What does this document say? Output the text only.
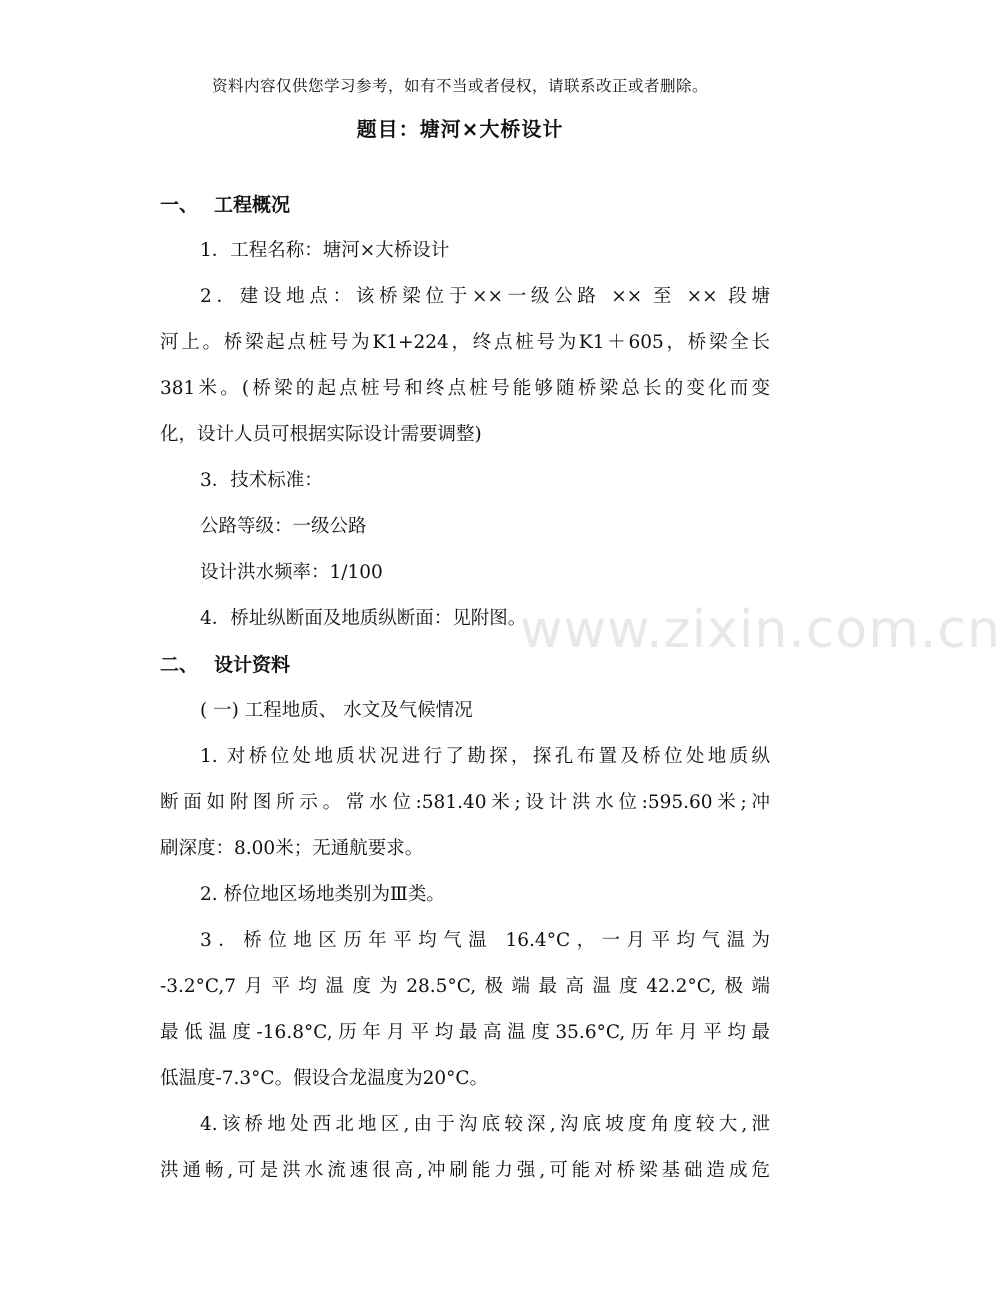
www.zixin.com.cn
资料内容仅供您学习参考，如有不当或者侵权，请联系改正或者删除。
题目：塘河×大桥设计
一、 工程概况
1．工程名称：塘河×大桥设计
2．建设地点：该桥梁位于××一级公路 ×× 至 ×× 段塘
河上。桥梁起点桩号为K1+224，终点桩号为K1＋605，桥梁全长
381米。(桥梁的起点桩号和终点桩号能够随桥梁总长的变化而变
化，设计人员可根据实际设计需要调整)
3．技术标准：
公路等级：一级公路
设计洪水频率：1/100
4．桥址纵断面及地质纵断面：见附图。
二、 设计资料
( 一) 工程地质、 水文及气候情况
1. 对桥位处地质状况进行了勘探，探孔布置及桥位处地质纵
断面如附图所示。常水位:581.40米;设计洪水位:595.60米;冲
刷深度：8.00米；无通航要求。
2. 桥位地区场地类别为Ⅲ类。
3．桥位地区历年平均气温 16.4°C，一月平均气温为
-3.2°C,7月平均温度为28.5°C,极端最高温度42.2°C,极端
最低温度-16.8°C,历年月平均最高温度35.6°C,历年月平均最
低温度-7.3°C。假设合龙温度为20°C。
4.该桥地处西北地区,由于沟底较深,沟底坡度角度较大,泄
洪通畅,可是洪水流速很高,冲刷能力强,可能对桥梁基础造成危
